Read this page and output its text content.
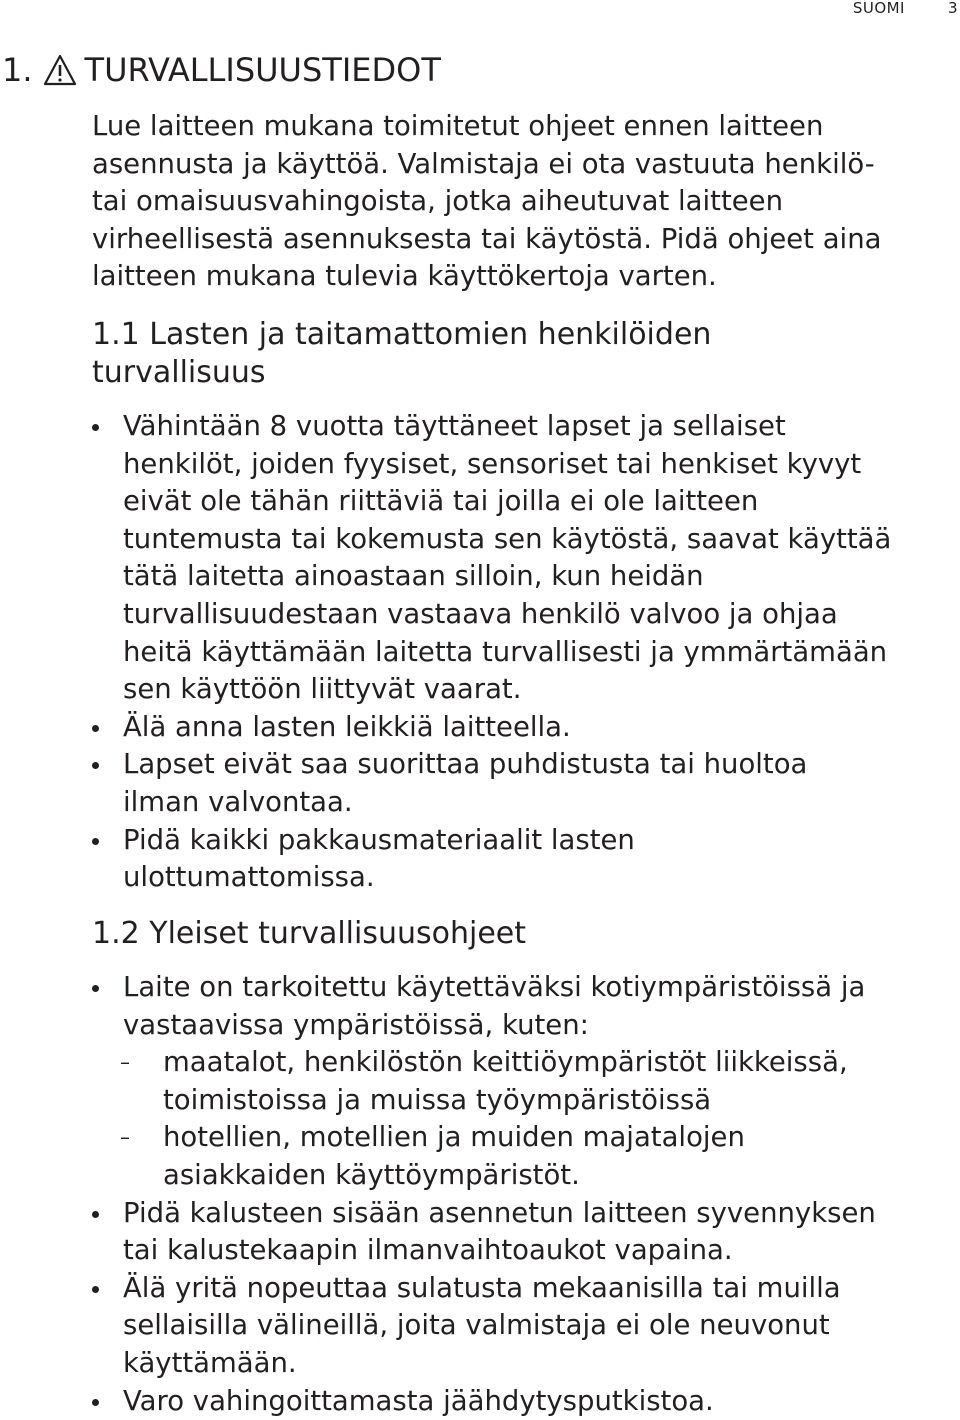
SUOMI	3
1. TURVALLISUUSTIEDOT

Lue laitteen mukana toimitetut ohjeet ennen laitteen
asennusta ja käyttöä. Valmistaja ei ota vastuuta henkilö-
tai omaisuusvahingoista, jotka aiheutuvat laitteen
virheellisestä asennuksesta tai käytöstä. Pidä ohjeet aina
laitteen mukana tulevia käyttökertoja varten.

1.1 Lasten ja taitamattomien henkilöiden
turvallisuus
Vähintään 8 vuotta täyttäneet lapset ja sellaiset
henkilöt, joiden fyysiset, sensoriset tai henkiset kyvyt
eivät ole tähän riittäviä tai joilla ei ole laitteen
tuntemusta tai kokemusta sen käytöstä, saavat käyttää
tätä laitetta ainoastaan silloin, kun heidän
turvallisuudestaan vastaava henkilö valvoo ja ohjaa
heitä käyttämään laitetta turvallisesti ja ymmärtämään
sen käyttöön liittyvät vaarat.
Älä anna lasten leikkiä laitteella.
Lapset eivät saa suorittaa puhdistusta tai huoltoa
ilman valvontaa.
Pidä kaikki pakkausmateriaalit lasten
ulottumattomissa.
1.2 Yleiset turvallisuusohjeet
Laite on tarkoitettu käytettäväksi kotiympäristöissä ja
vastaavissa ympäristöissä, kuten:
– maatalot, henkilöstön keittiöympäristöt liikkeissä,
toimistoissa ja muissa työympäristöissä
– hotellien, motellien ja muiden majatalojen
asiakkaiden käyttöympäristöt.
Pidä kalusteen sisään asennetun laitteen syvennyksen
tai kalustekaapin ilmanvaihtoaukot vapaina.
Älä yritä nopeuttaa sulatusta mekaanisilla tai muilla
sellaisilla välineillä, joita valmistaja ei ole neuvonut
käyttämään.
Varo vahingoittamasta jäähdytysputkistoa.
